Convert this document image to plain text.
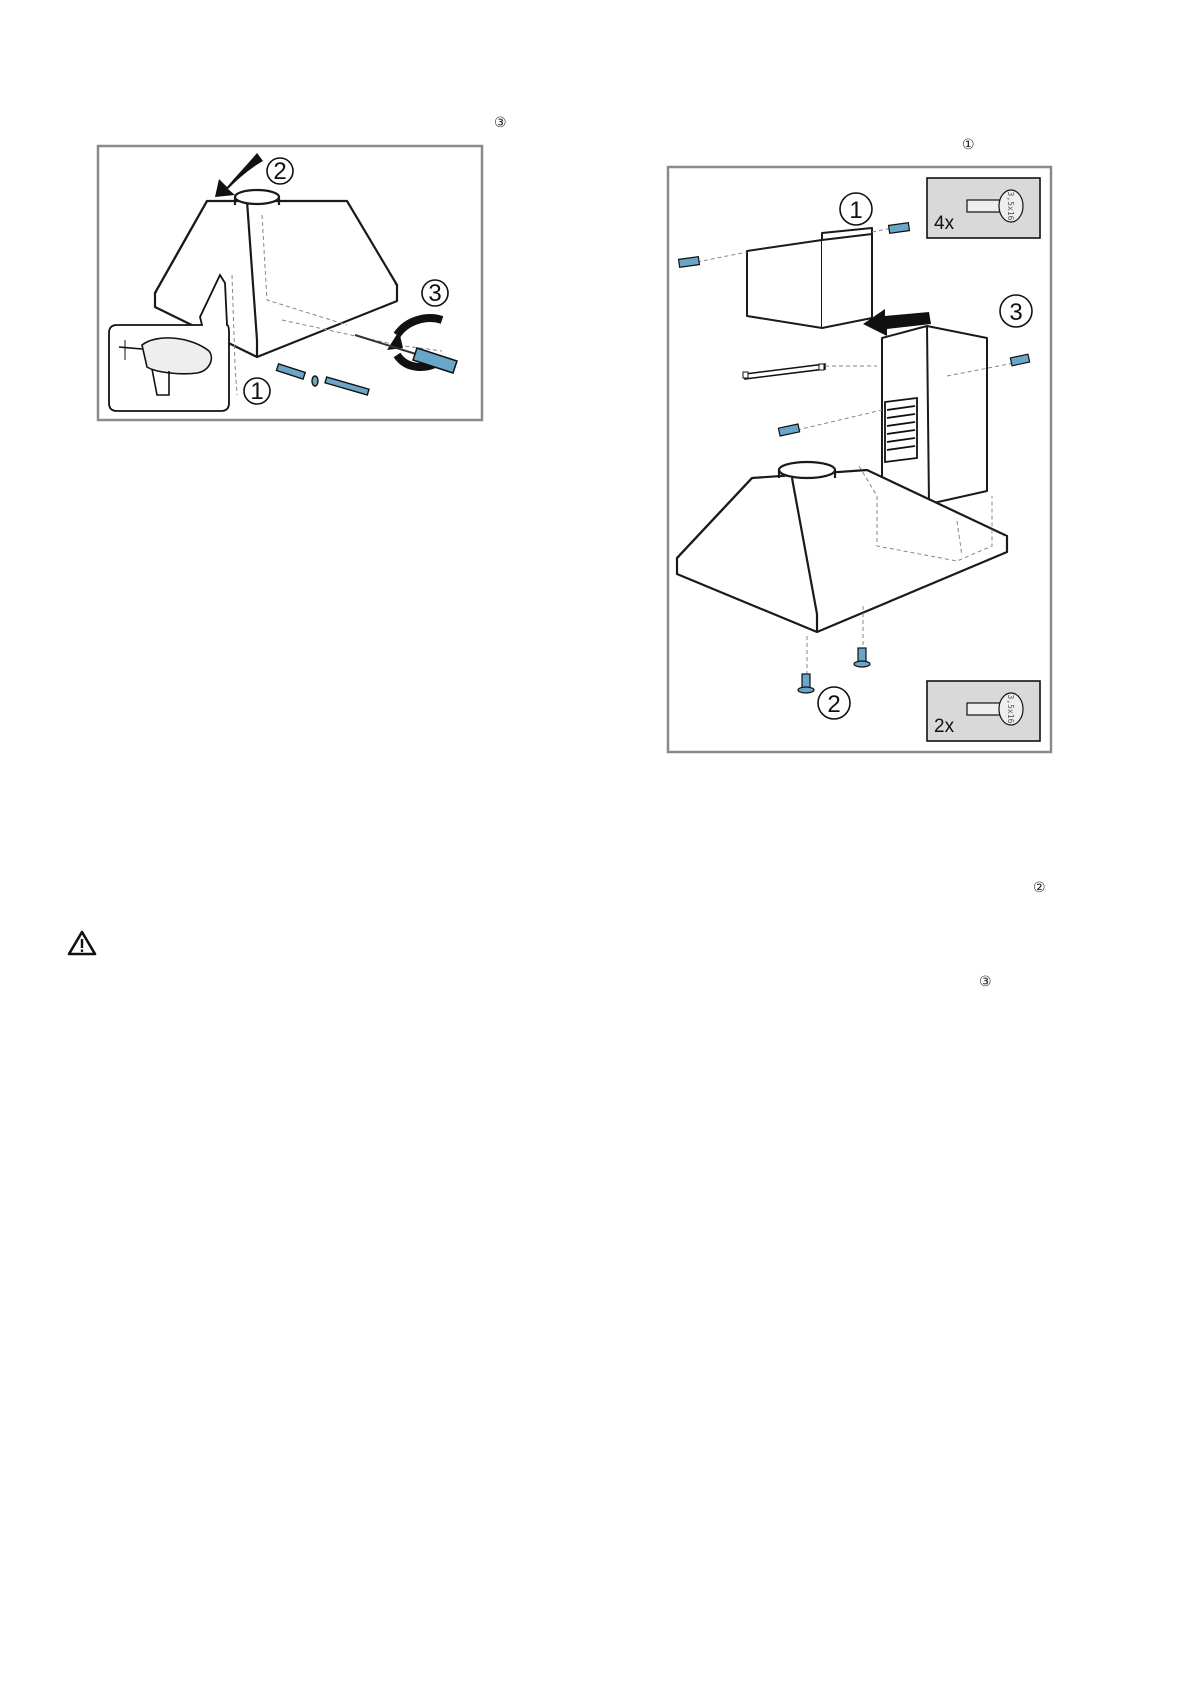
③
①
②
③
2
3
1
4x
3,5x16
2x
3,5x16
1
3
2
